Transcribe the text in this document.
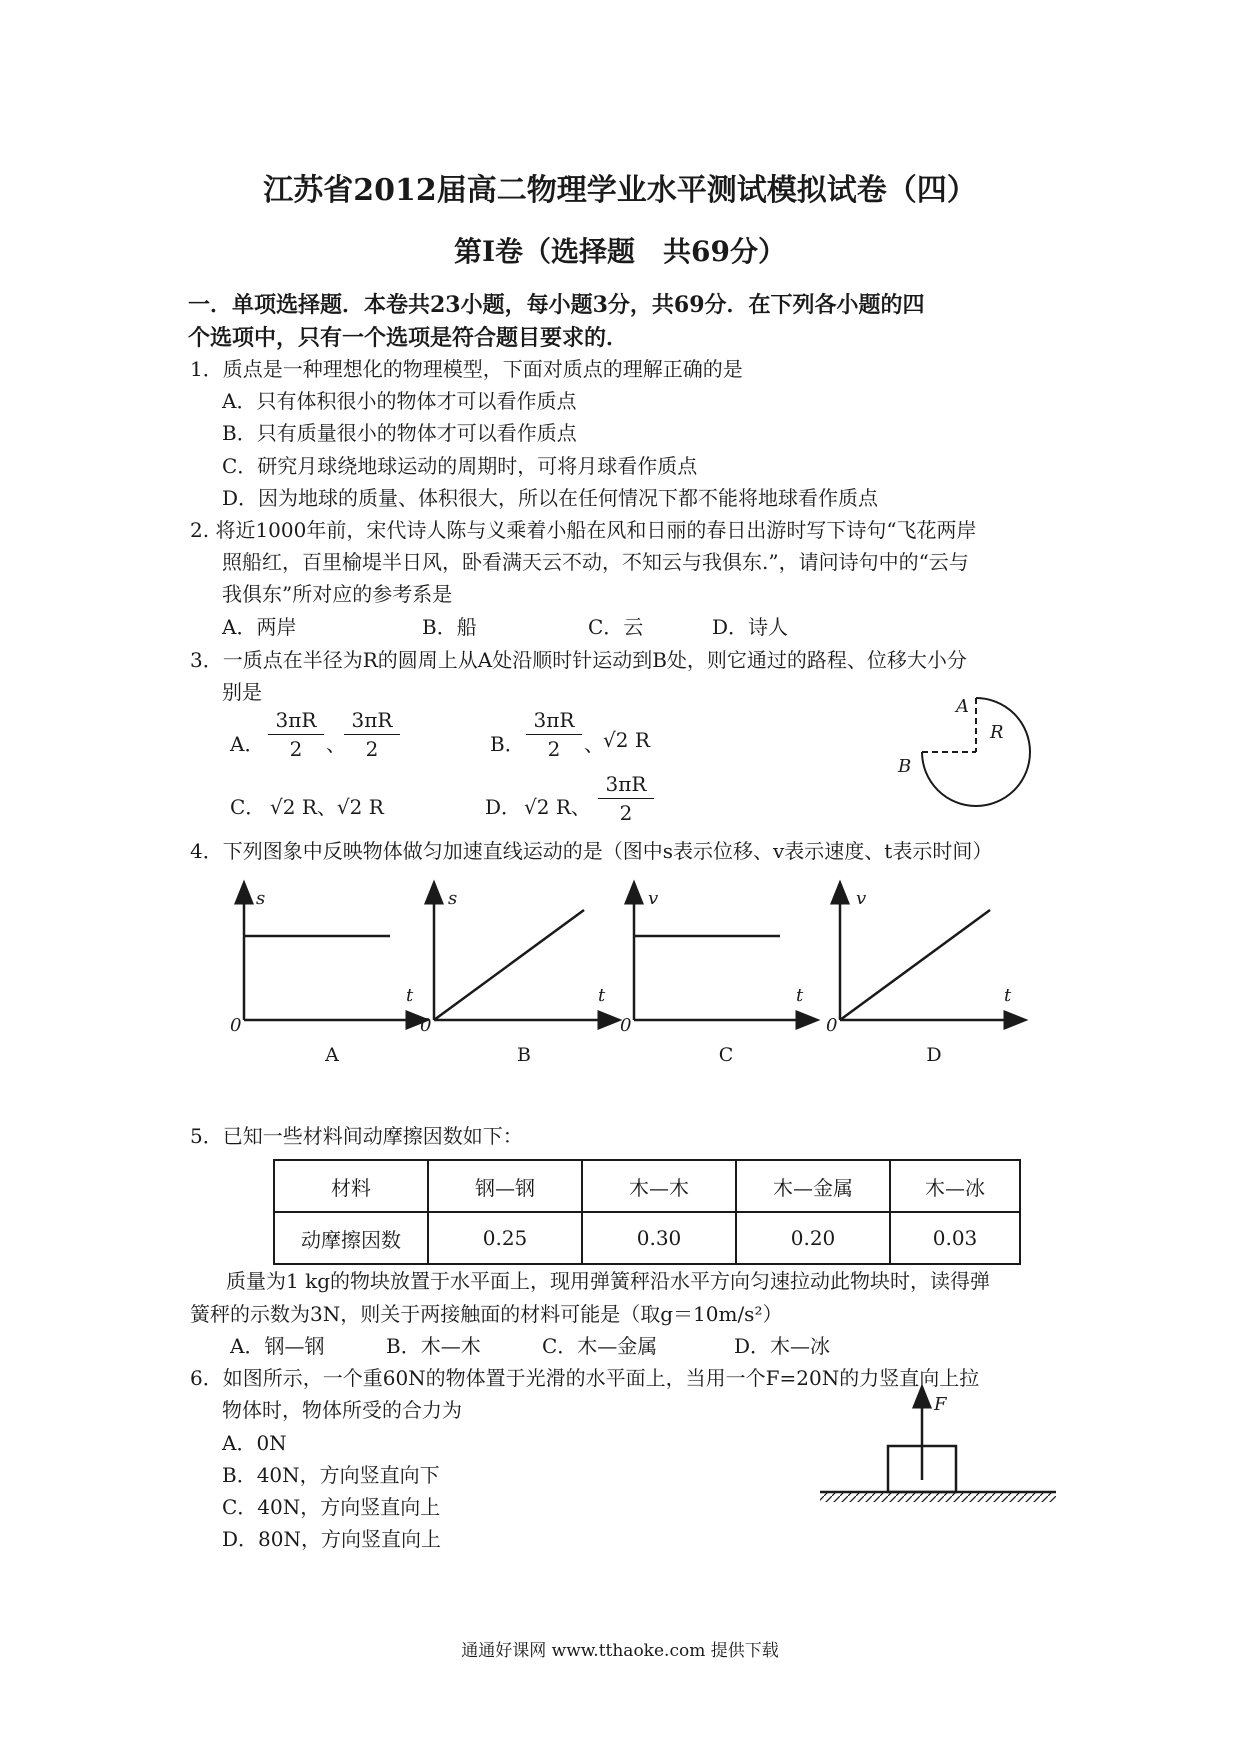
江苏省2012届高二物理学业水平测试模拟试卷（四）
第Ⅰ卷（选择题　共69分）
一．单项选择题．本卷共23小题，每小题3分，共69分．在下列各小题的四
个选项中，只有一个选项是符合题目要求的．
1．质点是一种理想化的物理模型，下面对质点的理解正确的是
A．只有体积很小的物体才可以看作质点
B．只有质量很小的物体才可以看作质点
C．研究月球绕地球运动的周期时，可将月球看作质点
D．因为地球的质量、体积很大，所以在任何情况下都不能将地球看作质点
2. 将近1000年前，宋代诗人陈与义乘着小船在风和日丽的春日出游时写下诗句“飞花两岸
照船红，百里榆堤半日风，卧看满天云不动，不知云与我俱东.”，请问诗句中的“云与
我俱东”所对应的参考系是
A．两岸	B．船	C．云	D．诗人
3．一质点在半径为R的圆周上从A处沿顺时针运动到B处，则它通过的路程、位移大小分
别是
A． $\frac{3\pi R}{2}$ 、
$\frac{3\pi R}{2}$	B． $\frac{3\pi R}{2}$ 、 √2 R
C． √2 R、√2 R	D． √2 R、 $\frac{3\pi R}{2}$
A
R
B
4．下列图象中反映物体做匀加速直线运动的是（图中s表示位移、v表示速度、t表示时间）
s
t
0
A
s
t
0
B
v
t
0
C
v
t
0
D
5．已知一些材料间动摩擦因数如下：
材料	钢—钢	木—木	木—金属	木—冰
动摩擦因数	0.25	0.30	0.20	0.03
质量为1 kg的物块放置于水平面上，现用弹簧秤沿水平方向匀速拉动此物块时，读得弹
簧秤的示数为3N，则关于两接触面的材料可能是（取g＝10m/s²）
A．钢—钢	B．木—木	C．木—金属	D．木—冰
6．如图所示，一个重60N的物体置于光滑的水平面上，当用一个F=20N的力竖直向上拉
物体时，物体所受的合力为
A．0N
B．40N，方向竖直向下
C．40N，方向竖直向上
D．80N，方向竖直向上
F
通通好课网 www.tthaoke.com 提供下载
